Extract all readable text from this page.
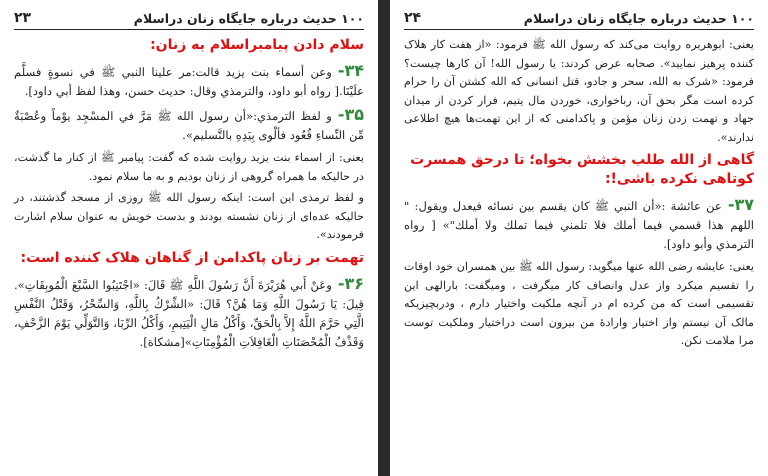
۱۰۰ حدیث درباره جایگاه زنان دراسلام
۲۳
سلام دادن پیامبراسلام به زنان:
۳۴-وعن أسماء بنت يزيد قالت:مر علينا النبي ﷺ في نسوةٍ فسلَّم علَيْنَا.[ رواه أبو داود، والترمذي وقال: حديث حسن، وهذا لفظ أبي داود].
۳۵-و لفظ الترمذي:«أن رسول الله ﷺ مَرَّ في المسْجِد يوْماً وعُصْبَةٌ مِّن النِّساءِ قُعُود فألْوى بِيَدِهِ بالتَّسليم».
یعنی: از اسماء بنت یزید روایت شده که گفت: پیامبر ﷺ از کنار ما گذشت، در حالیکه ما همراه گروهی از زنان بودیم و به ما سلام نمود.
و لفظ ترمذی این است: اینکه رسول الله ﷺ روزی از مسجد گذشتند، در حالیکه عده‌ای از زنان نشسته بودند و بدست خویش به عنوان سلام اشارت فرمودند».
تهمت بر زنان پاکدامن از گناهان هلاک کننده است:
۳۶-وعَنْ أَبي هُرَيْرَةَ أَنَّ رَسُولَ اللَّهِ ﷺ قَالَ: «اجْتَنِبُوا السَّبْعَ الْمُوبِقَاتِ». قِيلَ: يَا رَسُولَ اللَّهِ وَمَا هُنَّ؟ قَالَ: «الشِّرْكُ بِاللَّهِ، وَالسِّحْرُ، وَقَتْلُ النَّفْسِ الَّتِي حَرَّمَ اللَّهُ إِلاَّ بِالْحَقِّ، وَأَكْلُ مَالِ الْيَتِيمِ، وَأَكْلُ الرِّبَا، وَالتَّوَلِّي يَوْمَ الزَّحْفِ، وَقَذْفُ الْمُحْصَنَاتِ الْغَافِلاَتِ الْمُؤْمِنَاتِ»[مشكاة].
۱۰۰ حدیث درباره جایگاه زنان دراسلام
۲۴
یعنی: ابوهریره روایت می‌کند که رسول الله ﷺ فرمود: «از هفت کار هلاک کننده پرهیز نمایید». صحابه عرض کردند: یا رسول الله! آن کارها چیست؟ فرمود: «شرک به الله، سحر و جادو، قتل انسانی که الله کشتن آن را حرام کرده است مگر بحق آن، رباخواری، خوردن مال یتیم، فرار کردن از میدان جهاد و تهمت زدن زنان مؤمن و پاکدامنی که از این تهمت‌ها هیچ اطلاعی ندارند».
گاهی از الله طلب بخشش بخواه؛ تا درحق همسرت کوتاهی نکرده باشی!:
۳۷-عن عائشة :«أن النبي ﷺ كان يقسم بين نسائه فيعدل ويقول: " اللهم هذا قسمي فيما أملك فلا تلمني فيما تملك ولا أملك"» [ رواه الترمذي وأبو داود].
یعنی: عایشه رضی الله عنها میگوید: رسول الله ﷺ بین همسران خود اوقات را تقسیم میکرد واز عدل وانصاف کار میگرفت ، ومیگفت: بارالهی این تقسیمی است که من کرده ام در آنچه ملکیت واختیار دارم ، ودربچیزیکه مالک آن نیستم واز اختیار وارادهٔ من بیرون است دراختیار وملکیت توست مرا ملامت نکن.
